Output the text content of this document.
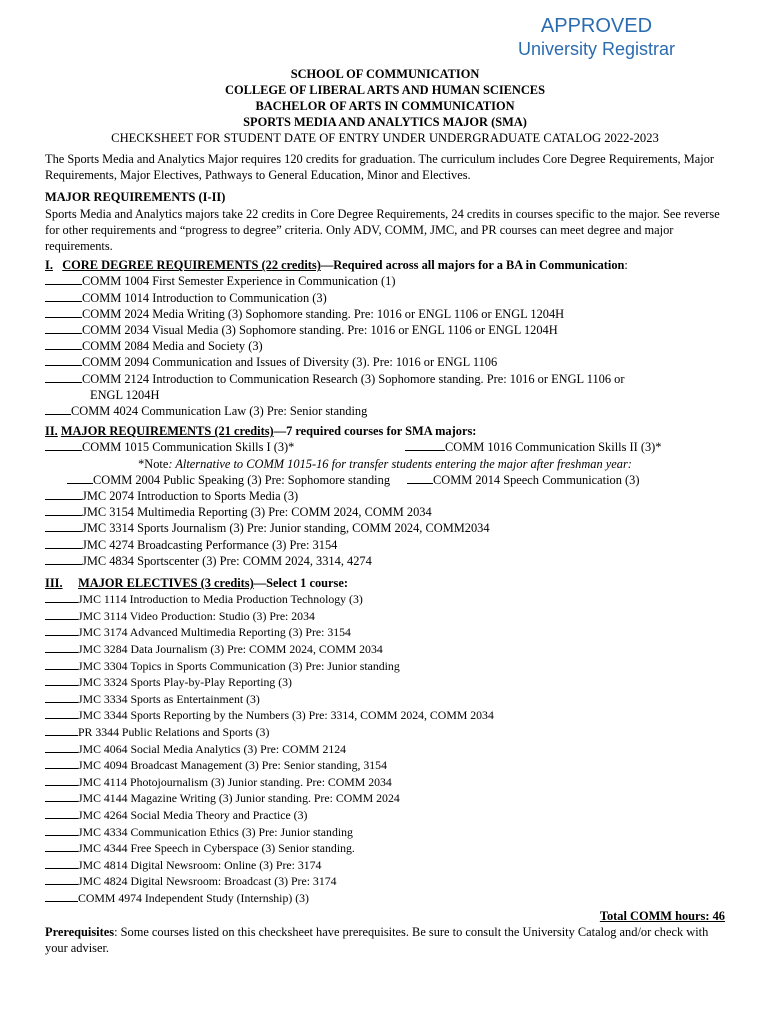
APPROVED
University Registrar
SCHOOL OF COMMUNICATION
COLLEGE OF LIBERAL ARTS AND HUMAN SCIENCES
BACHELOR OF ARTS IN COMMUNICATION
SPORTS MEDIA AND ANALYTICS MAJOR (SMA)
CHECKSHEET FOR STUDENT DATE OF ENTRY UNDER UNDERGRADUATE CATALOG 2022-2023

The Sports Media and Analytics Major requires 120 credits for graduation. The curriculum includes Core Degree Requirements, Major Requirements, Major Electives, Pathways to General Education, Minor and Electives.

MAJOR REQUIREMENTS (I-II)

Sports Media and Analytics majors take 22 credits in Core Degree Requirements, 24 credits in courses specific to the major. See reverse for other requirements and “progress to degree” criteria. Only ADV, COMM, JMC, and PR courses can meet degree and major requirements.

I. CORE DEGREE REQUIREMENTS (22 credits)—Required across all majors for a BA in Communication:
COMM 1004 First Semester Experience in Communication (1)
COMM 1014 Introduction to Communication (3)
COMM 2024 Media Writing (3) Sophomore standing. Pre: 1016 or ENGL 1106 or ENGL 1204H
COMM 2034 Visual Media (3) Sophomore standing. Pre: 1016 or ENGL 1106 or ENGL 1204H
COMM 2084 Media and Society (3)
COMM 2094 Communication and Issues of Diversity (3). Pre: 1016 or ENGL 1106
COMM 2124 Introduction to Communication Research (3) Sophomore standing. Pre: 1016 or ENGL 1106 or
ENGL 1204H
COMM 4024 Communication Law (3) Pre: Senior standing
II. MAJOR REQUIREMENTS (21 credits)—7 required courses for SMA majors:
COMM 1015 Communication Skills I (3)*	COMM 1016 Communication Skills II (3)*
*Note: Alternative to COMM 1015-16 for transfer students entering the major after freshman year:
COMM 2004 Public Speaking (3) Pre: Sophomore standing	COMM 2014 Speech Communication (3)
JMC 2074 Introduction to Sports Media (3)
JMC 3154 Multimedia Reporting (3) Pre: COMM 2024, COMM 2034
JMC 3314 Sports Journalism (3) Pre: Junior standing, COMM 2024, COMM2034
JMC 4274 Broadcasting Performance (3) Pre: 3154
JMC 4834 Sportscenter (3) Pre: COMM 2024, 3314, 4274
III. MAJOR ELECTIVES (3 credits)—Select 1 course:
JMC 1114 Introduction to Media Production Technology (3)
JMC 3114 Video Production: Studio (3) Pre: 2034
JMC 3174 Advanced Multimedia Reporting (3) Pre: 3154
JMC 3284 Data Journalism (3) Pre: COMM 2024, COMM 2034
JMC 3304 Topics in Sports Communication (3) Pre: Junior standing
JMC 3324 Sports Play-by-Play Reporting (3)
JMC 3334 Sports as Entertainment (3)
JMC 3344 Sports Reporting by the Numbers (3) Pre: 3314, COMM 2024, COMM 2034
PR 3344 Public Relations and Sports (3)
JMC 4064 Social Media Analytics (3) Pre: COMM 2124
JMC 4094 Broadcast Management (3) Pre: Senior standing, 3154
JMC 4114 Photojournalism (3) Junior standing. Pre: COMM 2034
JMC 4144 Magazine Writing (3) Junior standing. Pre: COMM 2024
JMC 4264 Social Media Theory and Practice (3)
JMC 4334 Communication Ethics (3) Pre: Junior standing
JMC 4344 Free Speech in Cyberspace (3) Senior standing.
JMC 4814 Digital Newsroom: Online (3) Pre: 3174
JMC 4824 Digital Newsroom: Broadcast (3) Pre: 3174
COMM 4974 Independent Study (Internship) (3)
Total COMM hours: 46

Prerequisites: Some courses listed on this checksheet have prerequisites. Be sure to consult the University Catalog and/or check with your adviser.
